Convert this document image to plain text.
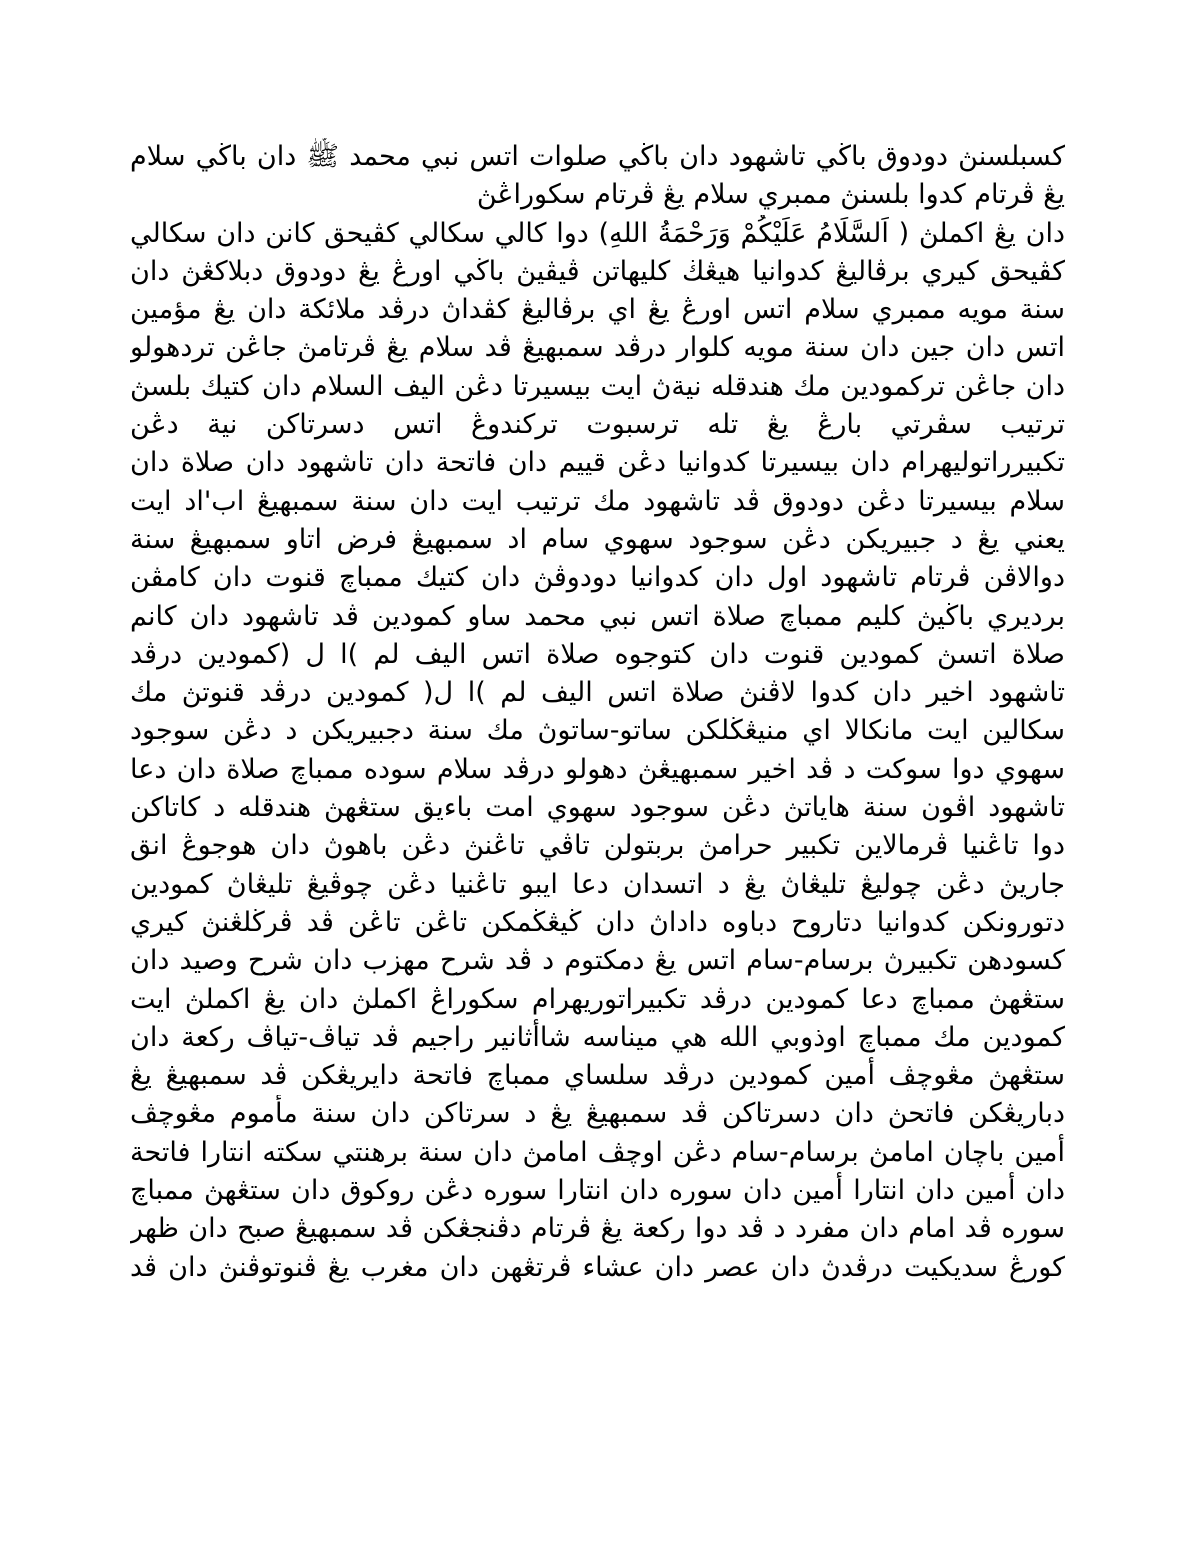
كسبلسنڽ دودوق باڬي تاشهود دان باڬي صلوات اتس نبي محمد ﷺ دان باڬي سلام
يڠ ڤرتام كدوا بلسنڽ ممبري سلام يڠ ڤرتام سکوراڠڽ
دان يڠ اكملڽ ( اَلسَّلَامُ عَلَيْكُمْ وَرَحْمَةُ اللهِ) دوا كالي سكالي كڤيحق كانن دان سكالي
كڤيحق كيري برڤاليڠ كدوانيا هيڠڬ كليهاتن ڤيڤيڽ باڬي اورڠ يڠ دودوق دبلاكڠڽ دان
سنة مويه ممبري سلام اتس اورڠ يڠ اي برڤاليڠ كڤداڽ درڤد ملائكة دان يڠ مؤمين
اتس دان جين دان سنة مويه كلوار درڤد سمبهيڠ ڤد سلام يڠ ڤرتامڽ جاڠن تردهولو
دان جاڠن تركمودين مك هندقله نيةڽ ايت بيسيرتا دڠن اليف السلام دان كتيك بلسڽ
ترتيب سڤرتي بارڠ يڠ تله ترسبوت تركندوڠ اتس دسرتاكن نية دڠن
تكبيرراتوليهرام دان بيسيرتا كدوانيا دڠن قييم دان فاتحة دان تاشهود دان صلاة دان
سلام بيسيرتا دڠن دودوق ڤد تاشهود مك ترتيب ايت دان سنة سمبهيڠ اب'اد ايت
يعني يڠ د جبيريكن دڠن سوجود سهوي سام اد سمبهيڠ فرض اتاو سمبهيڠ سنة
دوالاڤن ڤرتام تاشهود اول دان كدوانيا دودوڤڽ دان كتيك ممباچ قنوت دان كامڤن
برديري باڬيڽ كليم ممباچ صلاة اتس نبي محمد ساو كمودين ڤد تاشهود دان كانم
صلاة اتسڽ كمودين قنوت دان كتوجوه صلاة اتس اليف لم )ا ل (كمودين درڤد
تاشهود اخير دان كدوا لاڤنڽ صلاة اتس اليف لم )ا ل( كمودين درڤد قنوتڽ مك
سكالين ايت مانكالا اي منيڠڬلكن ساتو-ساتوڽ مك سنة دجبيريكن د دڠن سوجود
سهوي دوا سوكت د ڤد اخير سمبهيڠڽ دهولو درڤد سلام سوده ممباچ صلاة دان دعا
تاشهود اڤون سنة هاياتڽ دڠن سوجود سهوي امت باءيق ستڠهڽ هندقله د كاتاكن
دوا تاڠنيا ڤرمالاين تكبير حرامڽ بربتولن تاڤي تاڠنڽ دڠن باهوڽ دان هوجوڠ انق
جاريڽ دڠن چوليڠ تليڠاڽ يڠ د اتسدان دعا ايبو تاڠنيا دڠن چوڤيڠ تليڠاڽ كمودين
دتورونكن كدوانيا دتاروح دباوه داداڽ دان ڬيڠڬمكن تاڠن تاڠن ڤد ڤرڬلڠنڽ كيري
كسودهن تكبيرڽ برسام-سام اتس يڠ دمكتوم د ڤد شرح مهزب دان شرح وصيد دان
ستڠهڽ ممباچ دعا كمودين درڤد تكبيراتوريهرام سكوراڠ اكملڽ دان يڠ اكملڽ ايت
كمودين مك ممباچ اوذوبي الله هي ميناسه شاأثانير راجيم ڤد تياڤ-تياڤ ركعة دان
ستڠهڽ مڠوچڤ أمين كمودين درڤد سلساي ممباچ فاتحة دايريڠكن ڤد سمبهيڠ يڠ
دباريڠكن فاتحڽ دان دسرتاكن ڤد سمبهيڠ يڠ د سرتاكن دان سنة مأموم مڠوچڤ
أمين باچان امامڽ برسام-سام دڠن اوچڤ امامڽ دان سنة برهنتي سكته انتارا فاتحة
دان أمين دان انتارا أمين دان سوره دان انتارا سوره دڠن روكوق دان ستڠهڽ ممباچ
سوره ڤد امام دان مفرد د ڤد دوا ركعة يڠ ڤرتام دڤنجڠكن ڤد سمبهيڠ صبح دان ظهر
كورڠ سديكيت درڤدڽ دان عصر دان عشاء ڤرتڠهن دان مغرب يڠ ڤنوتوڤنڽ دان ڤد
